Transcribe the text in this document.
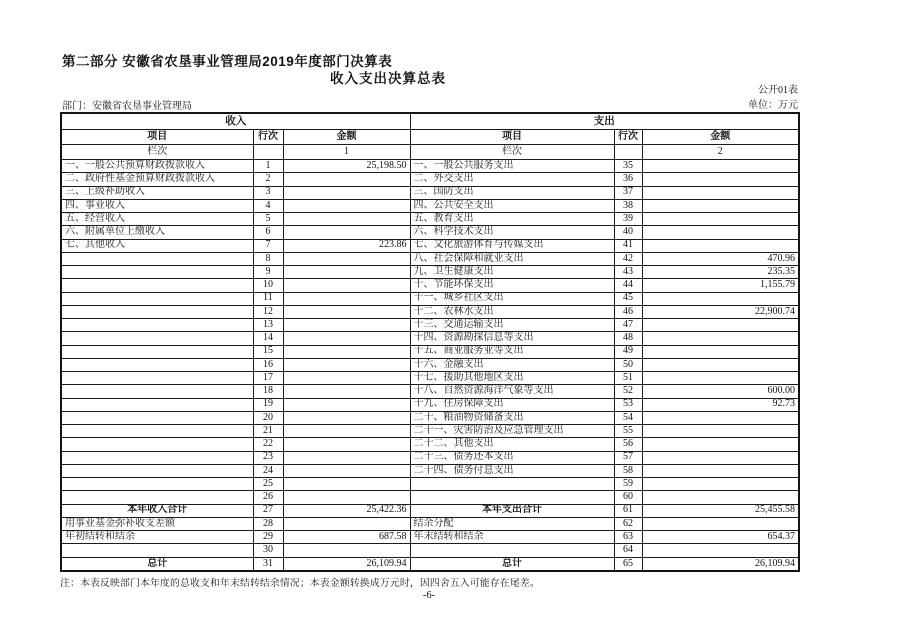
第二部分 安徽省农垦事业管理局2019年度部门决算表
收入支出决算总表
公开01表
部门：安徽省农垦事业管理局	单位：万元
收入			支出		
项目	行次	金额	项目	行次	金额
栏次		1	栏次		2
一、一般公共预算财政拨款收入	1	25,198.50	一、一般公共服务支出	35	
二、政府性基金预算财政拨款收入	2		二、外交支出	36	
三、上级补助收入	3		三、国防支出	37	
四、事业收入	4		四、公共安全支出	38	
五、经营收入	5		五、教育支出	39	
六、附属单位上缴收入	6		六、科学技术支出	40	
七、其他收入	7	223.86	七、文化旅游体育与传媒支出	41	
	8		八、社会保障和就业支出	42	470.96
	9		九、卫生健康支出	43	235.35
	10		十、节能环保支出	44	1,155.79
	11		十一、城乡社区支出	45	
	12		十二、农林水支出	46	22,900.74
	13		十三、交通运输支出	47	
	14		十四、资源勘探信息等支出	48	
	15		十五、商业服务业等支出	49	
	16		十六、金融支出	50	
	17		十七、援助其他地区支出	51	
	18		十八、自然资源海洋气象等支出	52	600.00
	19		十九、住房保障支出	53	92.73
	20		二十、粮油物资储备支出	54	
	21		二十一、灾害防治及应急管理支出	55	
	22		二十二、其他支出	56	
	23		二十三、债务还本支出	57	
	24		二十四、债务付息支出	58	
	25			59	
	26			60	
本年收入合计	27	25,422.36	本年支出合计	61	25,455.58
用事业基金弥补收支差额	28		结余分配	62	
年初结转和结余	29	687.58	年末结转和结余	63	654.37
	30			64	
总计	31	26,109.94	总计	65	26,109.94
注：本表反映部门本年度的总收支和年末结转结余情况；本表金额转换成万元时，因四舍五入可能存在尾差。
-6-
